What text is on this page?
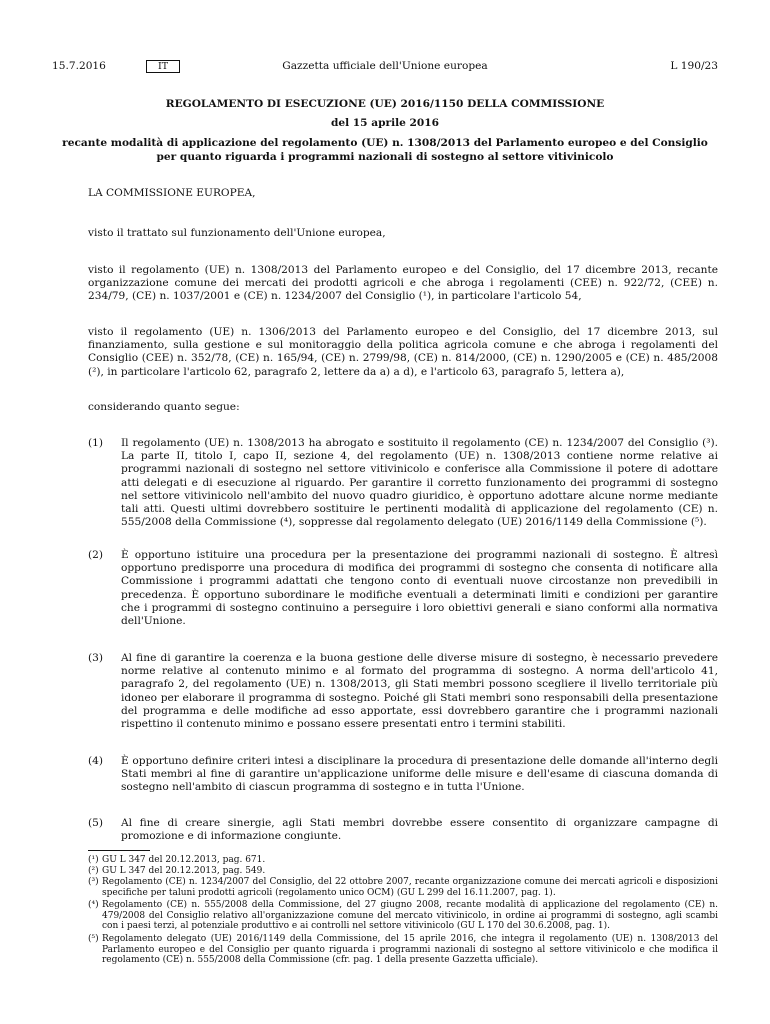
15.7.2016	Gazzetta ufficiale dell'Unione europea
IT	L 190/23
REGOLAMENTO DI ESECUZIONE (UE) 2016/1150 DELLA COMMISSIONE
del 15 aprile 2016
recante modalità di applicazione del regolamento (UE) n. 1308/2013 del Parlamento europeo e del Consiglio per quanto riguarda i programmi nazionali di sostegno al settore vitivinicolo

LA COMMISSIONE EUROPEA,

visto il trattato sul funzionamento dell'Unione europea,

visto il regolamento (UE) n. 1308/2013 del Parlamento europeo e del Consiglio, del 17 dicembre 2013, recante organizzazione comune dei mercati dei prodotti agricoli e che abroga i regolamenti (CEE) n. 922/72, (CEE) n. 234/79, (CE) n. 1037/2001 e (CE) n. 1234/2007 del Consiglio (¹), in particolare l'articolo 54,

visto il regolamento (UE) n. 1306/2013 del Parlamento europeo e del Consiglio, del 17 dicembre 2013, sul finanziamento, sulla gestione e sul monitoraggio della politica agricola comune e che abroga i regolamenti del Consiglio (CEE) n. 352/78, (CE) n. 165/94, (CE) n. 2799/98, (CE) n. 814/2000, (CE) n. 1290/2005 e (CE) n. 485/2008 (²), in particolare l'articolo 62, paragrafo 2, lettere da a) a d), e l'articolo 63, paragrafo 5, lettera a),

considerando quanto segue:

(1) Il regolamento (UE) n. 1308/2013 ha abrogato e sostituito il regolamento (CE) n. 1234/2007 del Consiglio (³). La parte II, titolo I, capo II, sezione 4, del regolamento (UE) n. 1308/2013 contiene norme relative ai programmi nazionali di sostegno nel settore vitivinicolo e conferisce alla Commissione il potere di adottare atti delegati e di esecuzione al riguardo. Per garantire il corretto funzionamento dei programmi di sostegno nel settore vitivinicolo nell'ambito del nuovo quadro giuridico, è opportuno adottare alcune norme mediante tali atti. Questi ultimi dovrebbero sostituire le pertinenti modalità di applicazione del regolamento (CE) n. 555/2008 della Commissione (⁴), soppresse dal regolamento delegato (UE) 2016/1149 della Commissione (⁵).

(2) È opportuno istituire una procedura per la presentazione dei programmi nazionali di sostegno. È altresì opportuno predisporre una procedura di modifica dei programmi di sostegno che consenta di notificare alla Commissione i programmi adattati che tengono conto di eventuali nuove circostanze non prevedibili in precedenza. È opportuno subordinare le modifiche eventuali a determinati limiti e condizioni per garantire che i programmi di sostegno continuino a perseguire i loro obiettivi generali e siano conformi alla normativa dell'Unione.

(3) Al fine di garantire la coerenza e la buona gestione delle diverse misure di sostegno, è necessario prevedere norme relative al contenuto minimo e al formato del programma di sostegno. A norma dell'articolo 41, paragrafo 2, del regolamento (UE) n. 1308/2013, gli Stati membri possono scegliere il livello territoriale più idoneo per elaborare il programma di sostegno. Poiché gli Stati membri sono responsabili della presentazione del programma e delle modifiche ad esso apportate, essi dovrebbero garantire che i programmi nazionali rispettino il contenuto minimo e possano essere presentati entro i termini stabiliti.

(4) È opportuno definire criteri intesi a disciplinare la procedura di presentazione delle domande all'interno degli Stati membri al fine di garantire un'applicazione uniforme delle misure e dell'esame di ciascuna domanda di sostegno nell'ambito di ciascun programma di sostegno e in tutta l'Unione.

(5) Al fine di creare sinergie, agli Stati membri dovrebbe essere consentito di organizzare campagne di promozione e di informazione congiunte.

(¹) GU L 347 del 20.12.2013, pag. 671.
(²) GU L 347 del 20.12.2013, pag. 549.
(³) Regolamento (CE) n. 1234/2007 del Consiglio, del 22 ottobre 2007, recante organizzazione comune dei mercati agricoli e disposizioni specifiche per taluni prodotti agricoli (regolamento unico OCM) (GU L 299 del 16.11.2007, pag. 1).
(⁴) Regolamento (CE) n. 555/2008 della Commissione, del 27 giugno 2008, recante modalità di applicazione del regolamento (CE) n. 479/2008 del Consiglio relativo all'organizzazione comune del mercato vitivinicolo, in ordine ai programmi di sostegno, agli scambi con i paesi terzi, al potenziale produttivo e ai controlli nel settore vitivinicolo (GU L 170 del 30.6.2008, pag. 1).
(⁵) Regolamento delegato (UE) 2016/1149 della Commissione, del 15 aprile 2016, che integra il regolamento (UE) n. 1308/2013 del Parlamento europeo e del Consiglio per quanto riguarda i programmi nazionali di sostegno al settore vitivinicolo e che modifica il regolamento (CE) n. 555/2008 della Commissione (cfr. pag. 1 della presente Gazzetta ufficiale).
